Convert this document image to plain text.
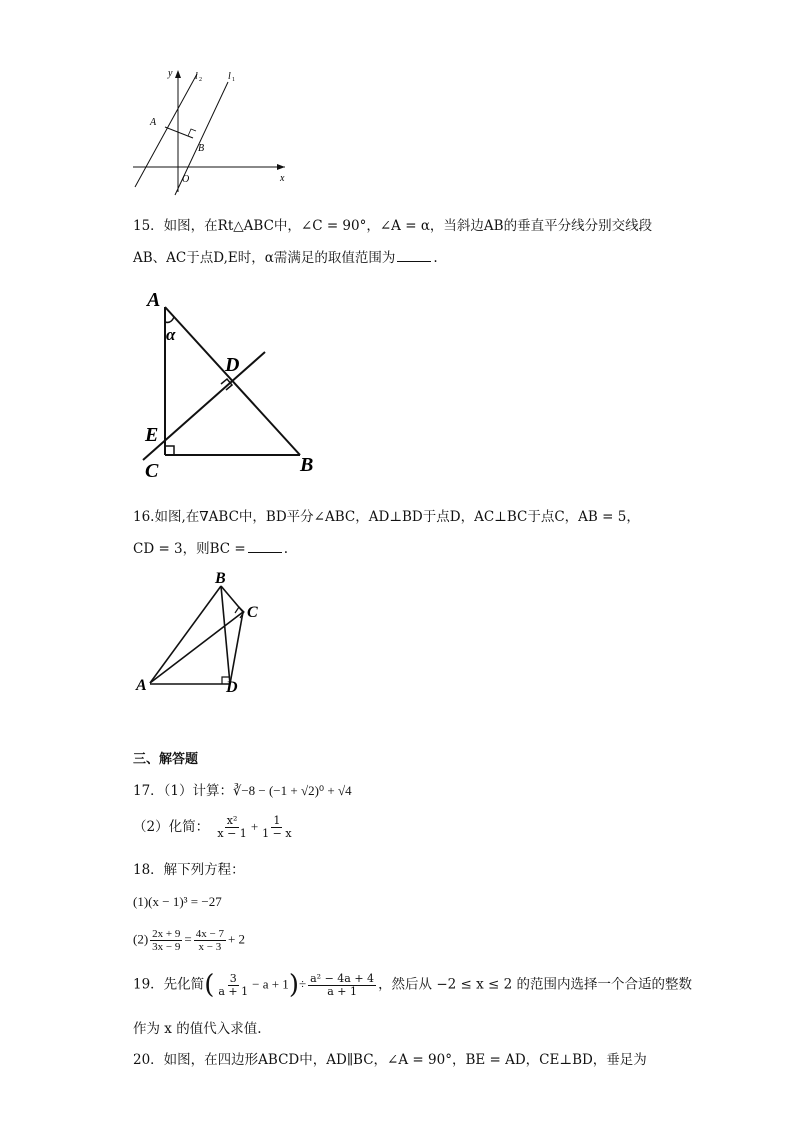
y l 2	l 1
A
B
O	x
15．如图，在Rt△ABC中，∠C = 90°，∠A = α，当斜边AB的垂直平分线分别交线段
AB、AC于点D,E时，α需满足的取值范围为	.
A
α
D
E
C	B
16.如图,在∇ABC中，BD平分∠ABC，AD⊥BD于点D，AC⊥BC于点C，AB = 5，
CD = 3，则BC =	.
B
C
A	D
三、解答题
17．（1）计算：∛−8 − (−1 + √2)⁰ + √4
（2）化简： $\frac{\text{x²}}{x - 1} + \frac{1}{1 - x}$
18．解下列方程：
(1)(x − 1)³ = −27
$(2) \frac{2x + 9}{3x - 9} = \frac{4x - 7}{x - 3} + 2$
19．先化简( $\frac{3}{a + 1} - a + 1)\div \frac{\text{a² − 4a + 4}}{a + 1}$ ，然后从 −2 ≤ x ≤ 2 的范围内选择一个合适的整数
作为 x 的值代入求值.
20．如图，在四边形ABCD中，AD∥BC，∠A = 90°，BE = AD，CE⊥BD，垂足为
